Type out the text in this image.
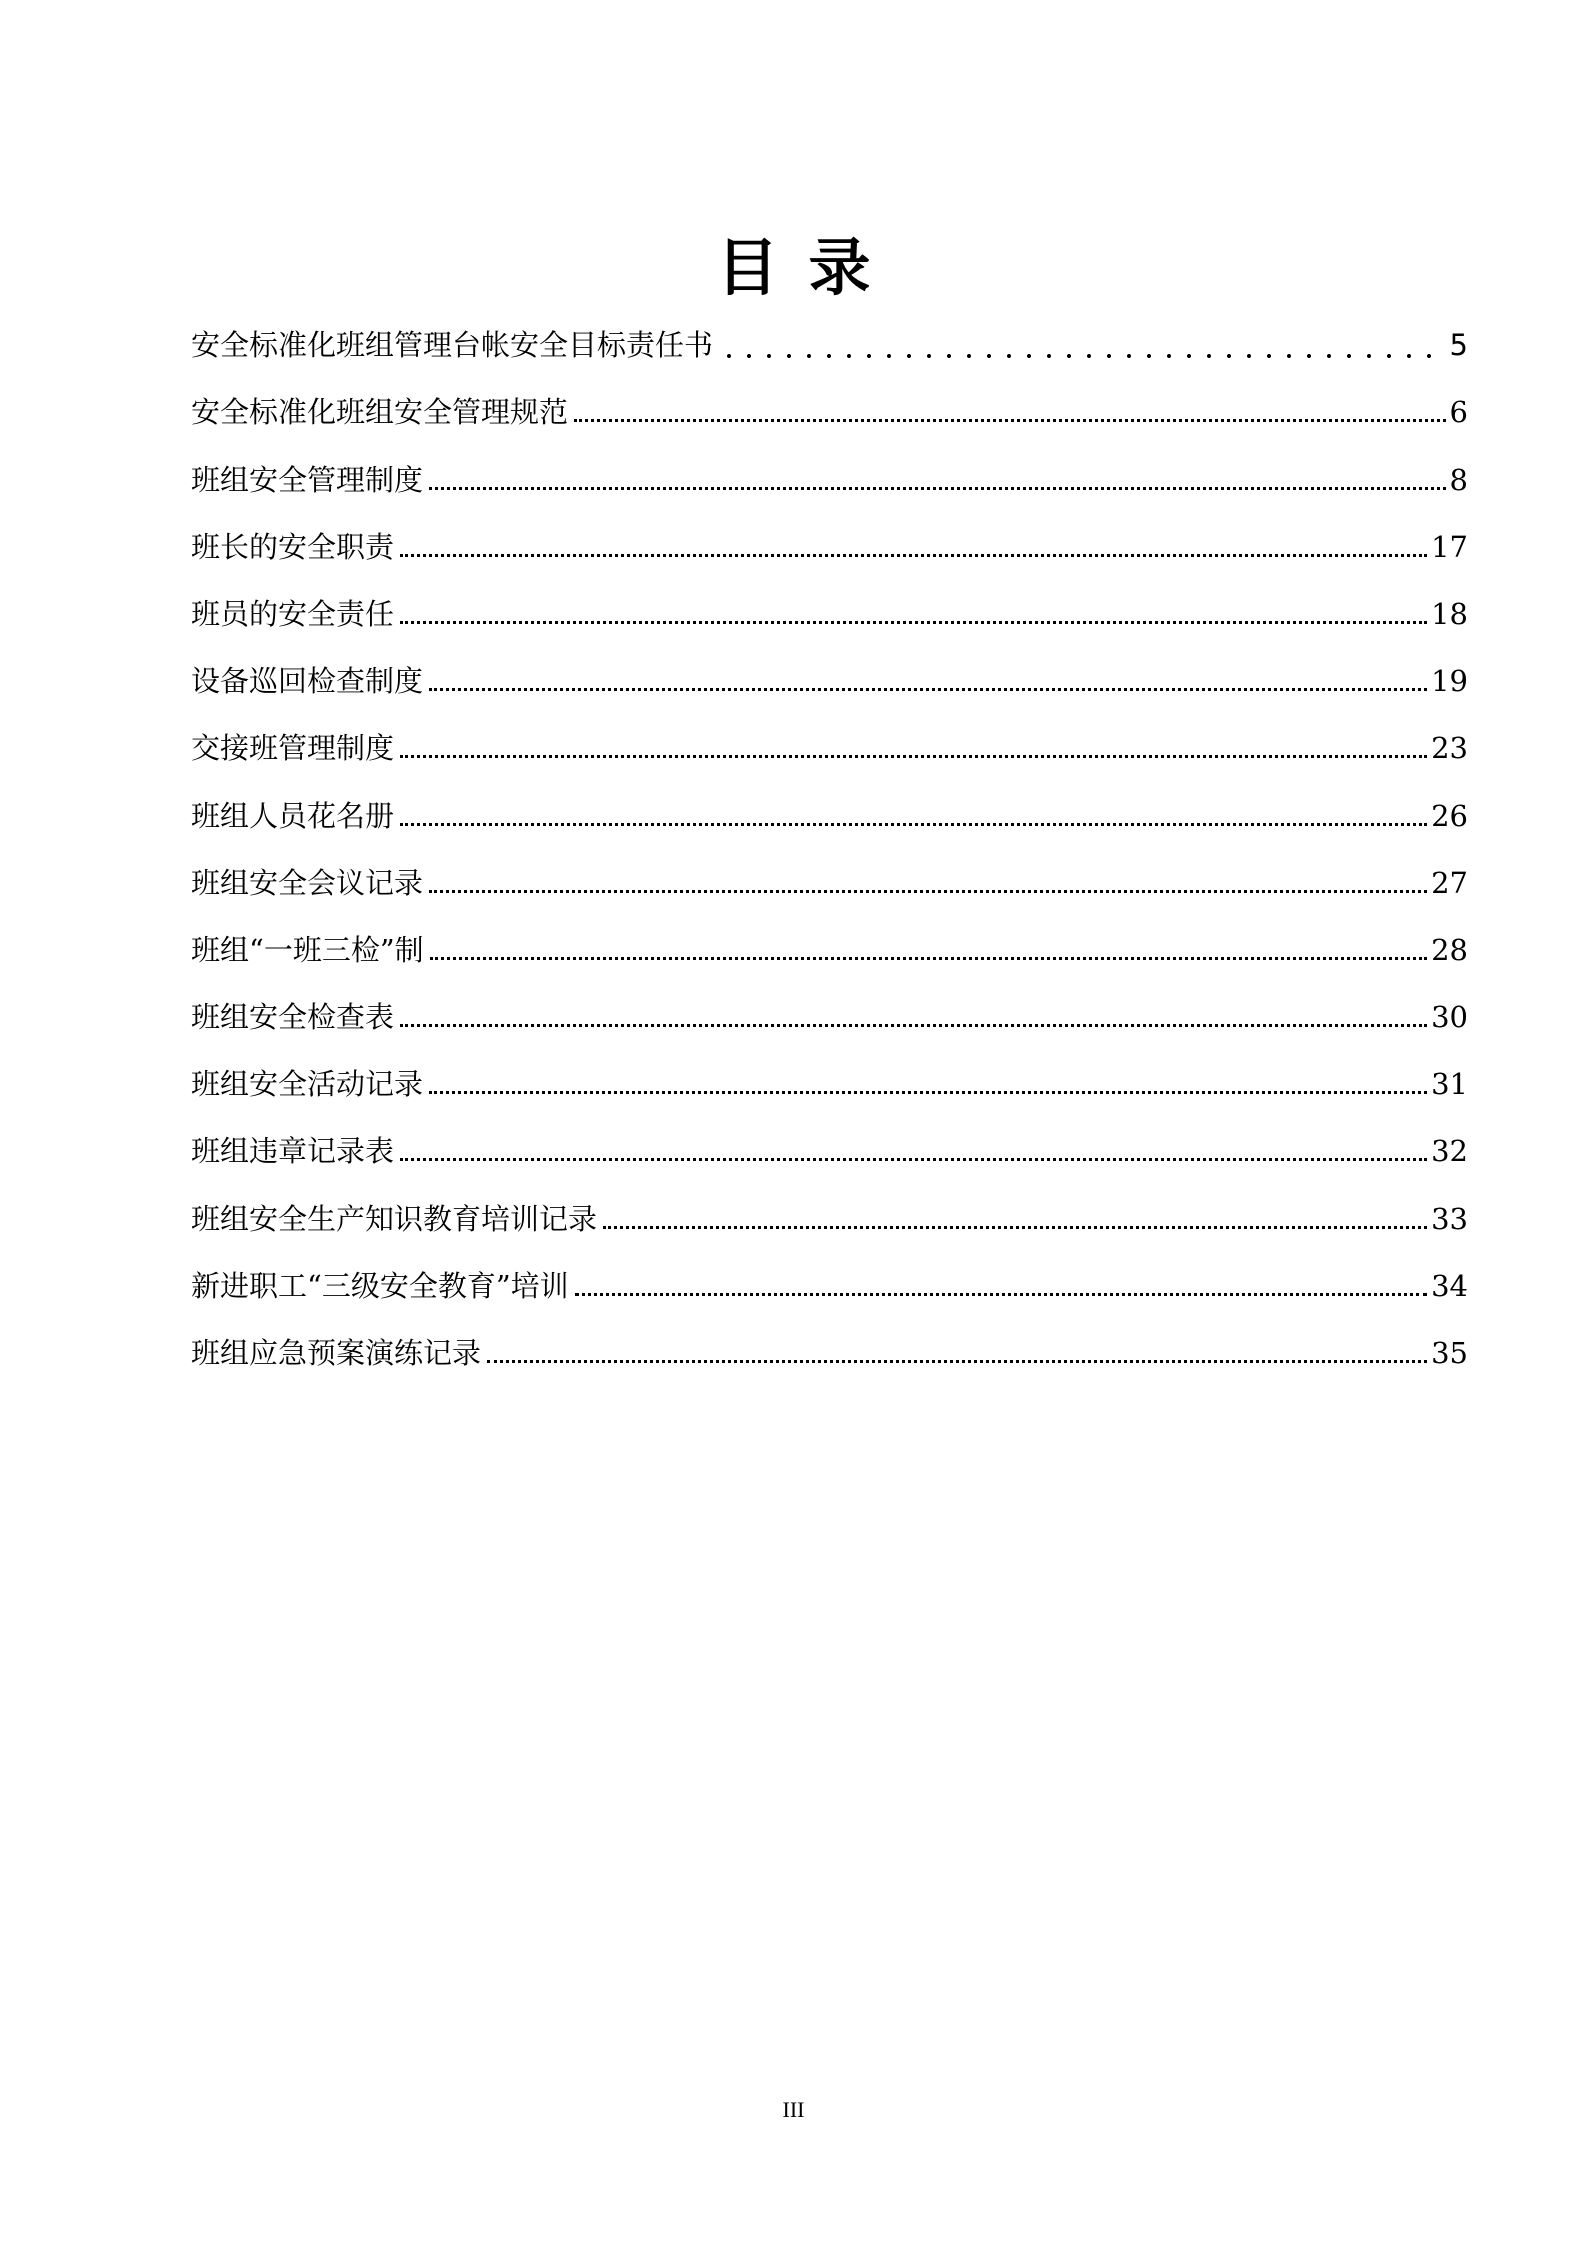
目录
安全标准化班组管理台帐安全目标责任书	5
安全标准化班组安全管理规范	6
班组安全管理制度	8
班长的安全职责	17
班员的安全责任	18
设备巡回检查制度	19
交接班管理制度	23
班组人员花名册	26
班组安全会议记录	27
班组“一班三检”制	28
班组安全检查表	30
班组安全活动记录	31
班组违章记录表	32
班组安全生产知识教育培训记录	33
新进职工“三级安全教育”培训	34
班组应急预案演练记录	35
III
